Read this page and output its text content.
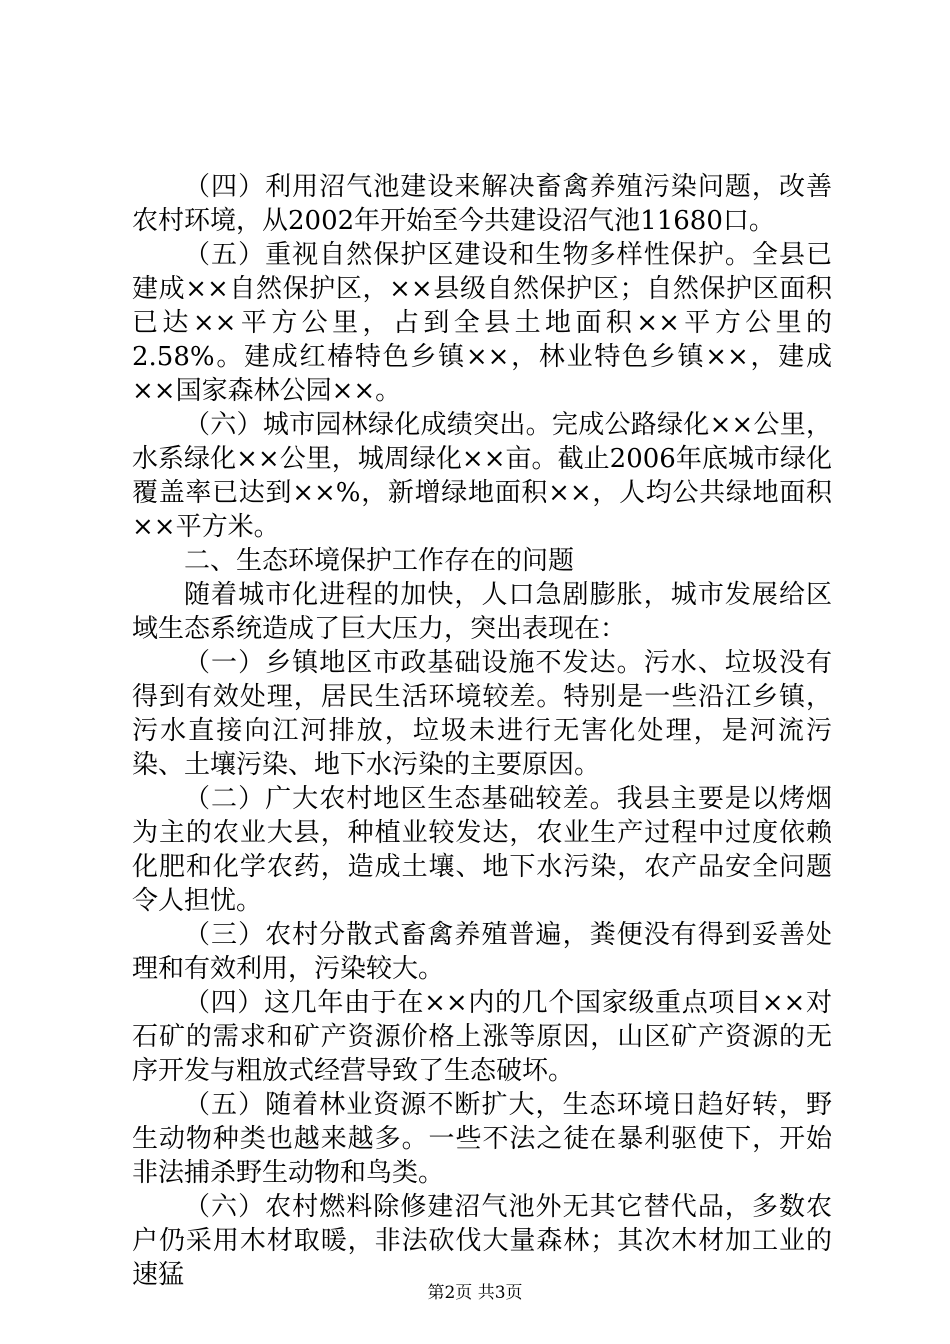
（四）利用沼气池建设来解决畜禽养殖污染问题，改善农村环境，从2002年开始至今共建设沼气池11680口。

（五）重视自然保护区建设和生物多样性保护。全县已建成××自然保护区，××县级自然保护区；自然保护区面积已达××平方公里，占到全县土地面积××平方公里的2.58%。建成红椿特色乡镇××，林业特色乡镇××，建成××国家森林公园××。

（六）城市园林绿化成绩突出。完成公路绿化××公里，水系绿化××公里，城周绿化××亩。截止2006年底城市绿化覆盖率已达到××%，新增绿地面积××，人均公共绿地面积××平方米。

二、生态环境保护工作存在的问题

随着城市化进程的加快，人口急剧膨胀，城市发展给区域生态系统造成了巨大压力，突出表现在：

（一）乡镇地区市政基础设施不发达。污水、垃圾没有得到有效处理，居民生活环境较差。特别是一些沿江乡镇，污水直接向江河排放，垃圾未进行无害化处理，是河流污染、土壤污染、地下水污染的主要原因。

（二）广大农村地区生态基础较差。我县主要是以烤烟为主的农业大县，种植业较发达，农业生产过程中过度依赖化肥和化学农药，造成土壤、地下水污染，农产品安全问题令人担忧。

（三）农村分散式畜禽养殖普遍，粪便没有得到妥善处理和有效利用，污染较大。

（四）这几年由于在××内的几个国家级重点项目××对石矿的需求和矿产资源价格上涨等原因，山区矿产资源的无序开发与粗放式经营导致了生态破坏。

（五）随着林业资源不断扩大，生态环境日趋好转，野生动物种类也越来越多。一些不法之徒在暴利驱使下，开始非法捕杀野生动物和鸟类。

（六）农村燃料除修建沼气池外无其它替代品，多数农户仍采用木材取暖，非法砍伐大量森林；其次木材加工业的速猛

第2页 共3页
